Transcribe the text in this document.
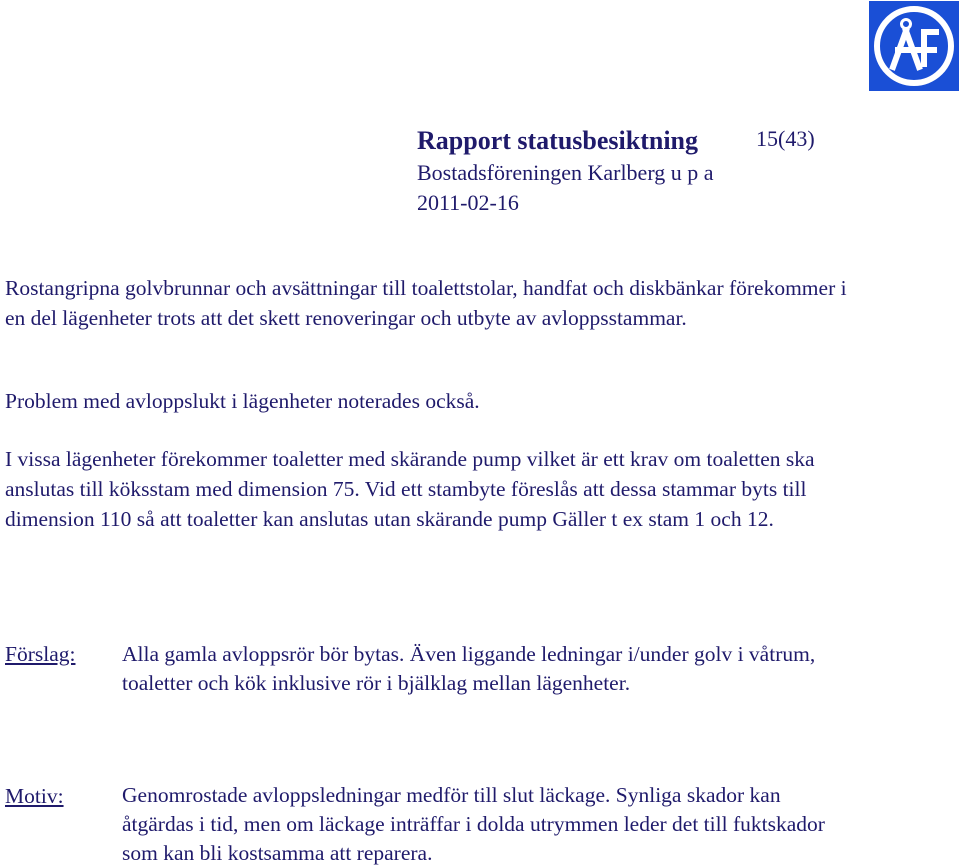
Rapport statusbesiktning	15(43)
Bostadsföreningen Karlberg u p a
2011-02-16

Rostangripna golvbrunnar och avsättningar till toalettstolar, handfat och diskbänkar förekommer i en del lägenheter trots att det skett renoveringar och utbyte av avloppsstammar.

Problem med avloppslukt i lägenheter noterades också.

I vissa lägenheter förekommer toaletter med skärande pump vilket är ett krav om toaletten ska anslutas till köksstam med dimension 75. Vid ett stambyte föreslås att dessa stammar byts till dimension 110 så att toaletter kan anslutas utan skärande pump Gäller t ex stam 1 och 12.

Förslag: Alla gamla avloppsrör bör bytas. Även liggande ledningar i/under golv i våtrum, toaletter och kök inklusive rör i bjälklag mellan lägenheter.

Motiv:	Genomrostade avloppsledningar medför till slut läckage. Synliga skador kan åtgärdas i tid, men om läckage inträffar i dolda utrymmen leder det till fuktskador som kan bli kostsamma att reparera.
